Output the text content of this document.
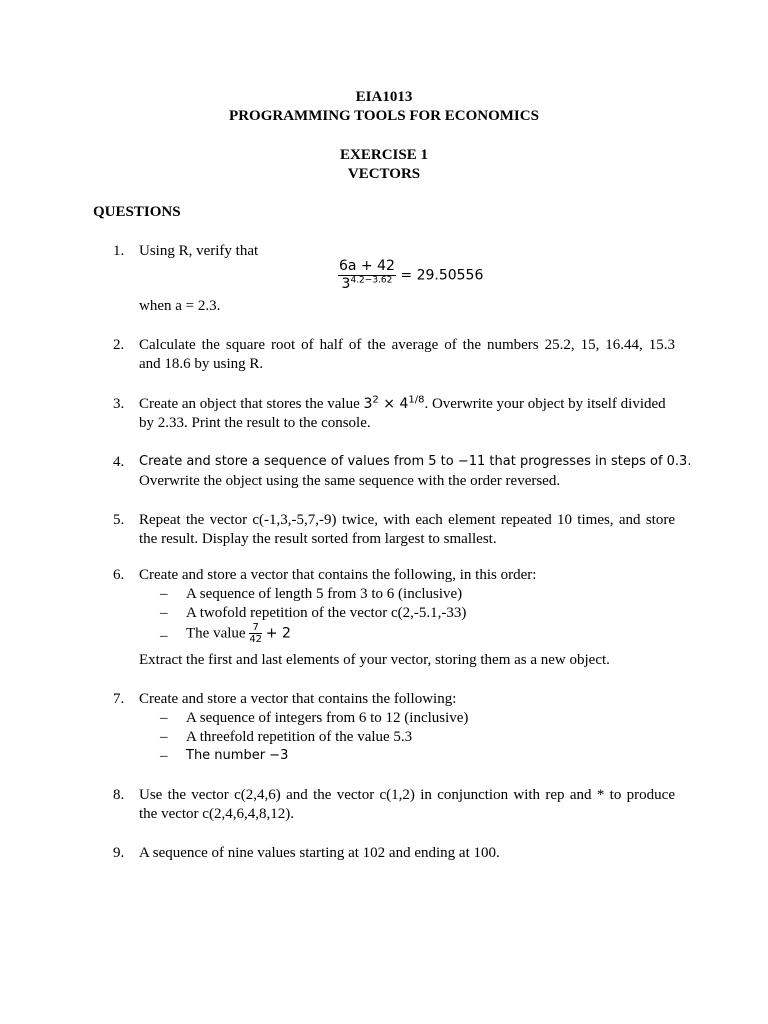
EIA1013
PROGRAMMING TOOLS FOR ECONOMICS
EXERCISE 1
VECTORS
QUESTIONS
1. Using R, verify that
$\frac{6a + 42}{3^{4.2-3.62}} = 29.50556$
when a = 2.3.
2. Calculate the square root of half of the average of the numbers 25.2, 15, 16.44, 15.3
and 18.6 by using R.
3. Create an object that stores the value $3^2 \times 4^{1/8}$. Overwrite your object by itself divided
by 2.33. Print the result to the console.
4. Create and store a sequence of values from 5 to −11 that progresses in steps of 0.3.
Overwrite the object using the same sequence with the order reversed.
5. Repeat the vector c(-1,3,-5,7,-9) twice, with each element repeated 10 times, and store
the result. Display the result sorted from largest to smallest.
6. Create and store a vector that contains the following, in this order:
– A sequence of length 5 from 3 to 6 (inclusive)
– A twofold repetition of the vector c(2,-5.1,-33)
– The value $\frac{7}{42} + 2$
Extract the first and last elements of your vector, storing them as a new object.
7. Create and store a vector that contains the following:
– A sequence of integers from 6 to 12 (inclusive)
– A threefold repetition of the value 5.3
– The number −3
8. Use the vector c(2,4,6) and the vector c(1,2) in conjunction with rep and * to produce
the vector c(2,4,6,4,8,12).
9. A sequence of nine values starting at 102 and ending at 100.
